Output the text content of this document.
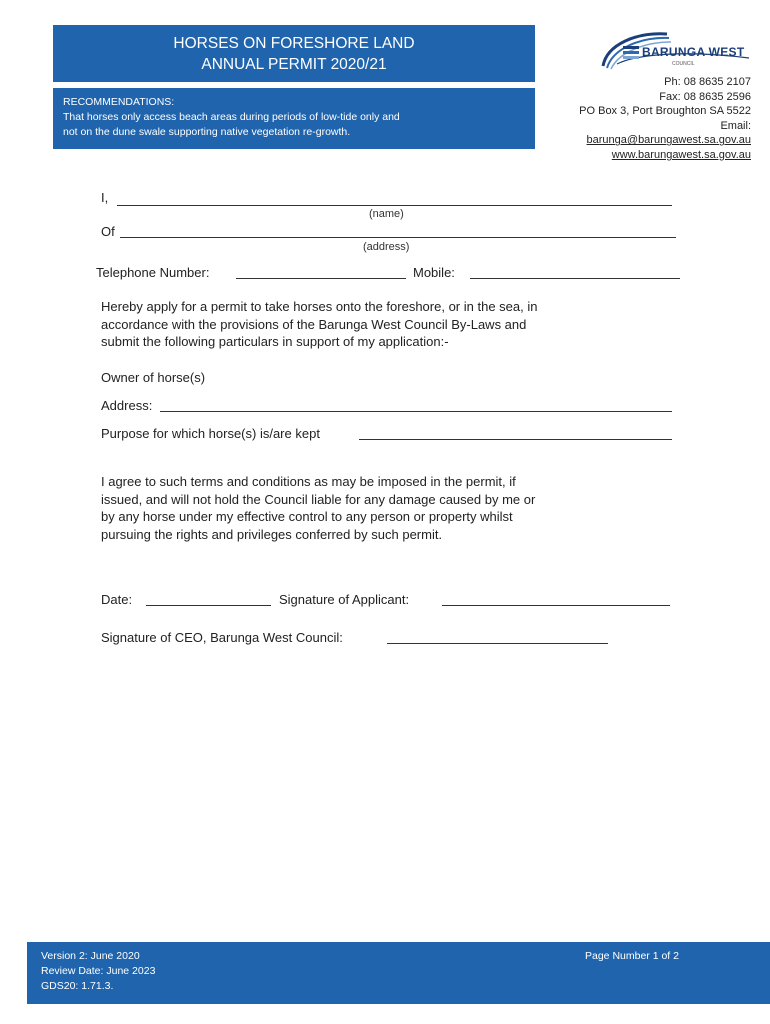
HORSES ON FORESHORE LAND
ANNUAL PERMIT 2020/21
RECOMMENDATIONS:
That horses only access beach areas during periods of low-tide only and
not on the dune swale supporting native vegetation re-growth.
BARUNGA WEST
COUNCIL
Ph: 08 8635 2107
Fax: 08 8635 2596
PO Box 3, Port Broughton SA 5522
Email:
barunga@barungawest.sa.gov.au
www.barungawest.sa.gov.au
I,
(name)
Of
(address)
Telephone Number:	Mobile:
Hereby apply for a permit to take horses onto the foreshore, or in the sea, in
accordance with the provisions of the Barunga West Council By-Laws and
submit the following particulars in support of my application:-
Owner of horse(s)
Address:
Purpose for which horse(s) is/are kept
I agree to such terms and conditions as may be imposed in the permit, if
issued, and will not hold the Council liable for any damage caused by me or
by any horse under my effective control to any person or property whilst
pursuing the rights and privileges conferred by such permit.
Date:	Signature of Applicant:
Signature of CEO, Barunga West Council:
Version 2: June 2020
Review Date: June 2023
GDS20: 1.71.3.
Page Number 1 of 2
